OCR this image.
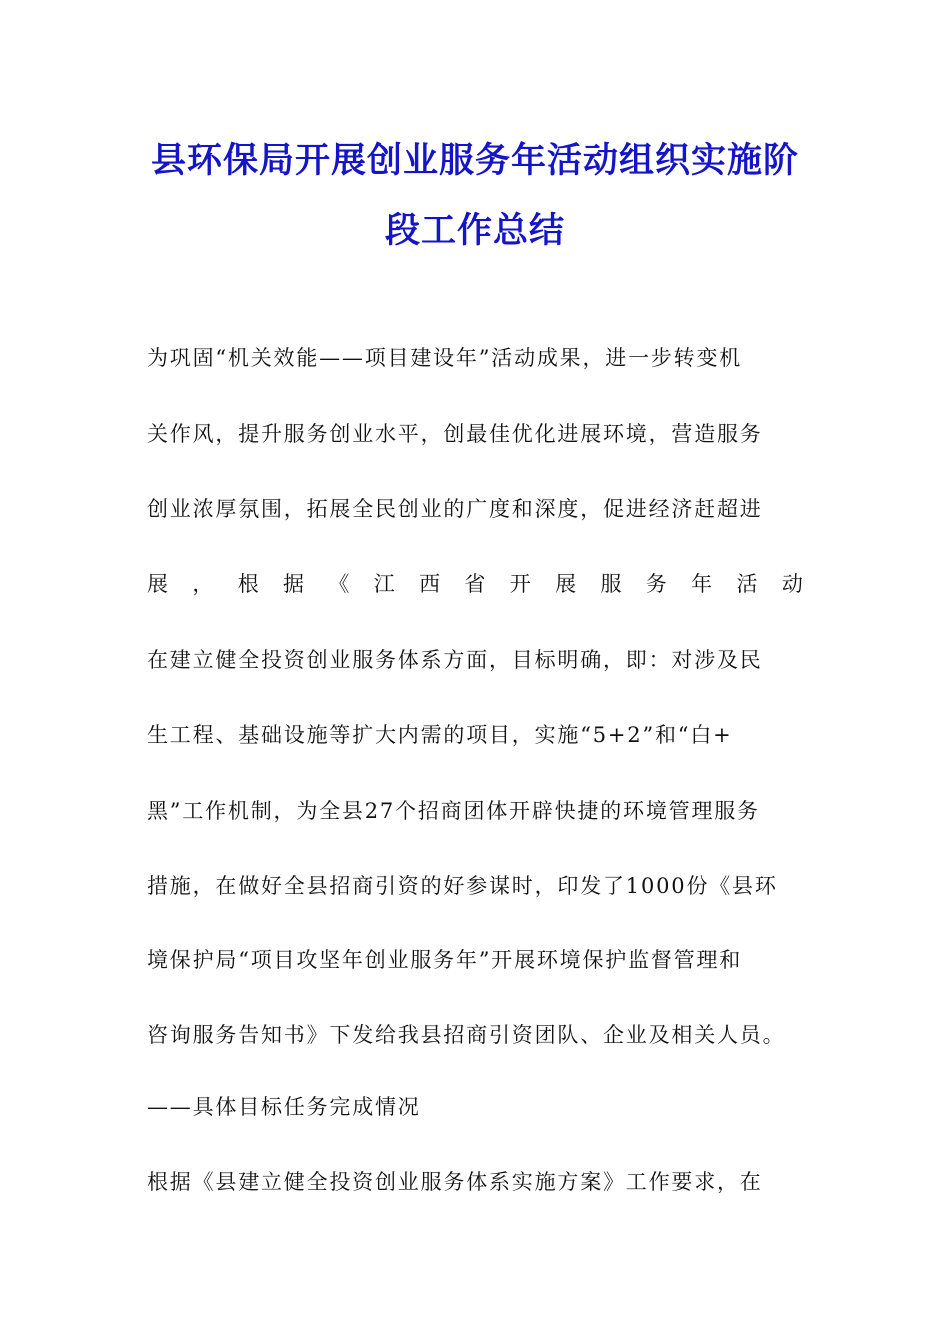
县环保局开展创业服务年活动组织实施阶
段工作总结
为巩固“机关效能——项目建设年”活动成果，进一步转变机
关作风，提升服务创业水平，创最佳优化进展环境，营造服务
创业浓厚氛围，拓展全民创业的广度和深度，促进经济赶超进
展 ， 根 据 《 江 西 省 开 展 服 务 年 活 动
在建立健全投资创业服务体系方面，目标明确，即：对涉及民
生工程、基础设施等扩大内需的项目，实施“5+2”和“白+
黑”工作机制，为全县27个招商团体开辟快捷的环境管理服务
措施，在做好全县招商引资的好参谋时，印发了1000份《县环
境保护局“项目攻坚年创业服务年”开展环境保护监督管理和
咨询服务告知书》下发给我县招商引资团队、企业及相关人员。
——具体目标任务完成情况
根据《县建立健全投资创业服务体系实施方案》工作要求，在
